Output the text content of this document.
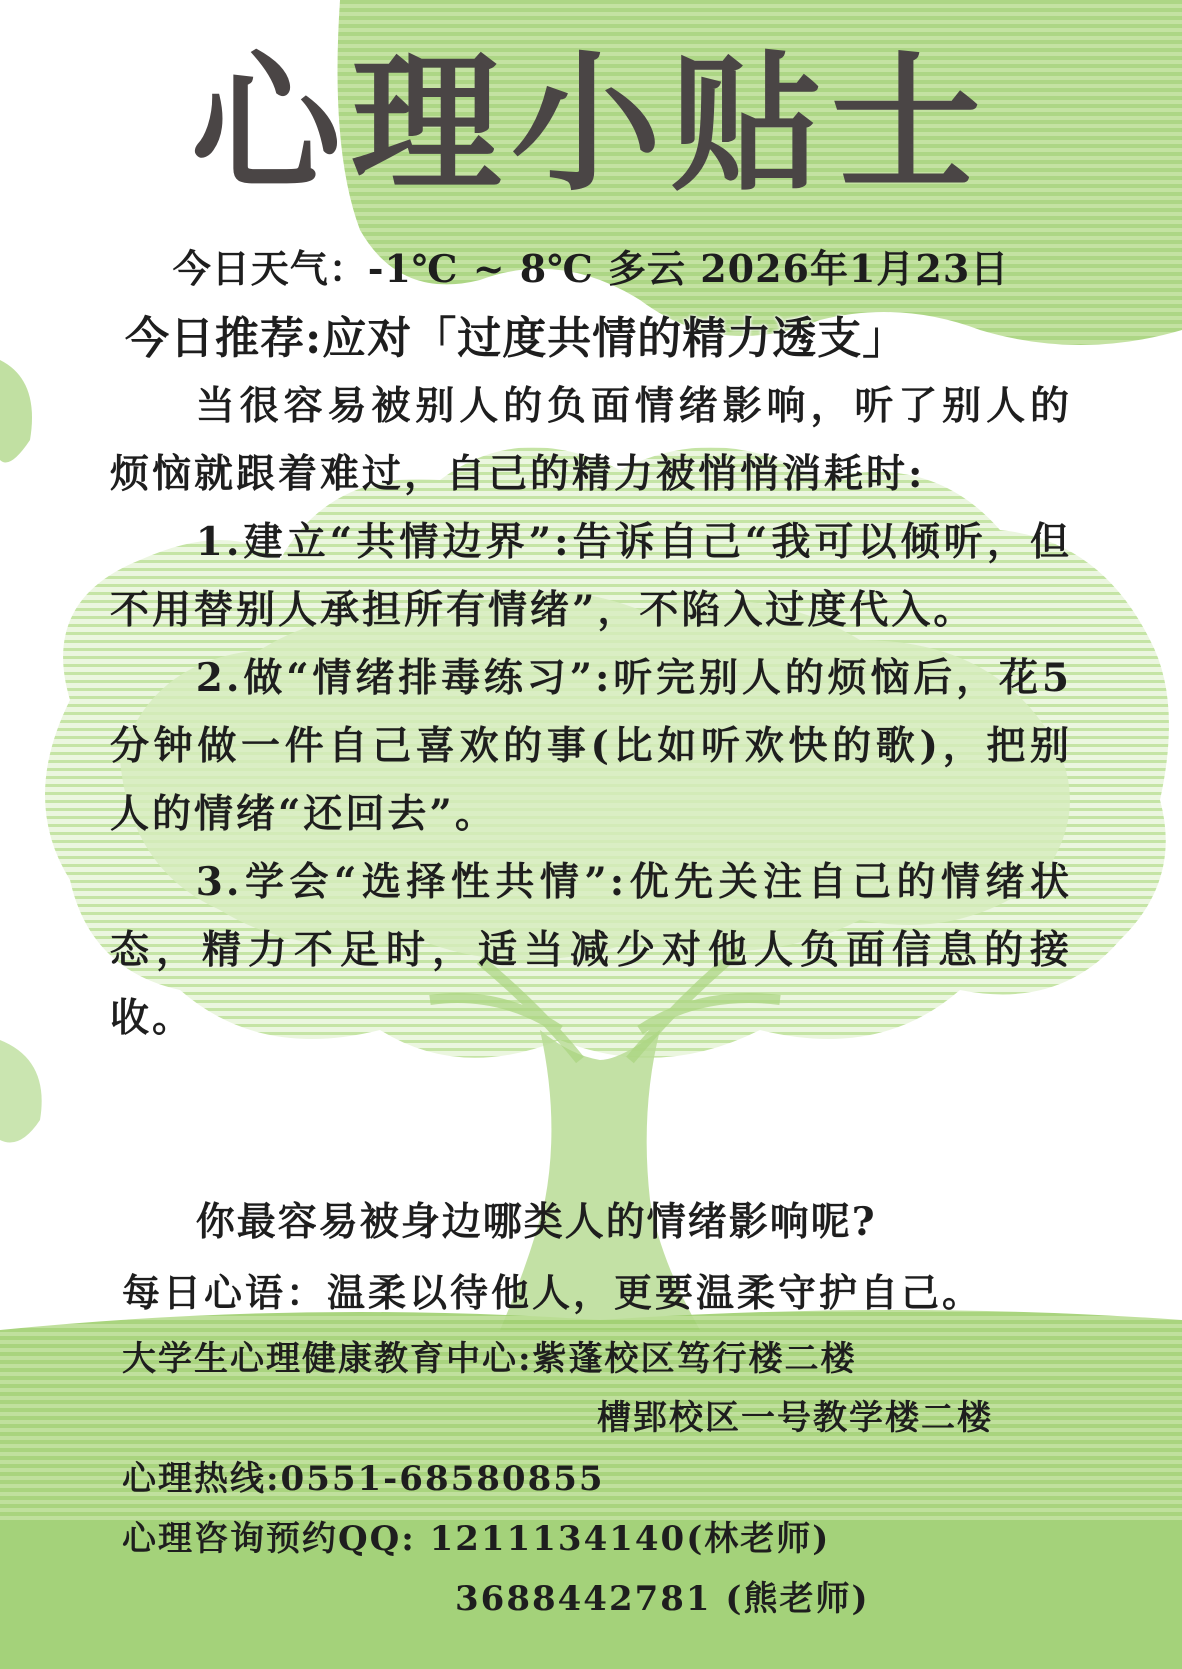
心理小贴士
今日天气：-1℃ ~ 8℃ 多云 2026年1月23日
今日推荐:应对「过度共情的精力透支」

当很容易被别人的负面情绪影响，听了别人的烦恼就跟着难过，自己的精力被悄悄消耗时:

1.建立“共情边界”:告诉自己“我可以倾听，但不用替别人承担所有情绪”，不陷入过度代入。

2.做“情绪排毒练习”:听完别人的烦恼后，花5分钟做一件自己喜欢的事(比如听欢快的歌)，把别人的情绪“还回去”。

3.学会“选择性共情”:优先关注自己的情绪状态，精力不足时，适当减少对他人负面信息的接收。

你最容易被身边哪类人的情绪影响呢?
每日心语：温柔以待他人，更要温柔守护自己。
大学生心理健康教育中心:紫蓬校区笃行楼二楼
槽郢校区一号教学楼二楼
心理热线:0551-68580855
心理咨询预约QQ: 1211134140(林老师)
3688442781 (熊老师)
